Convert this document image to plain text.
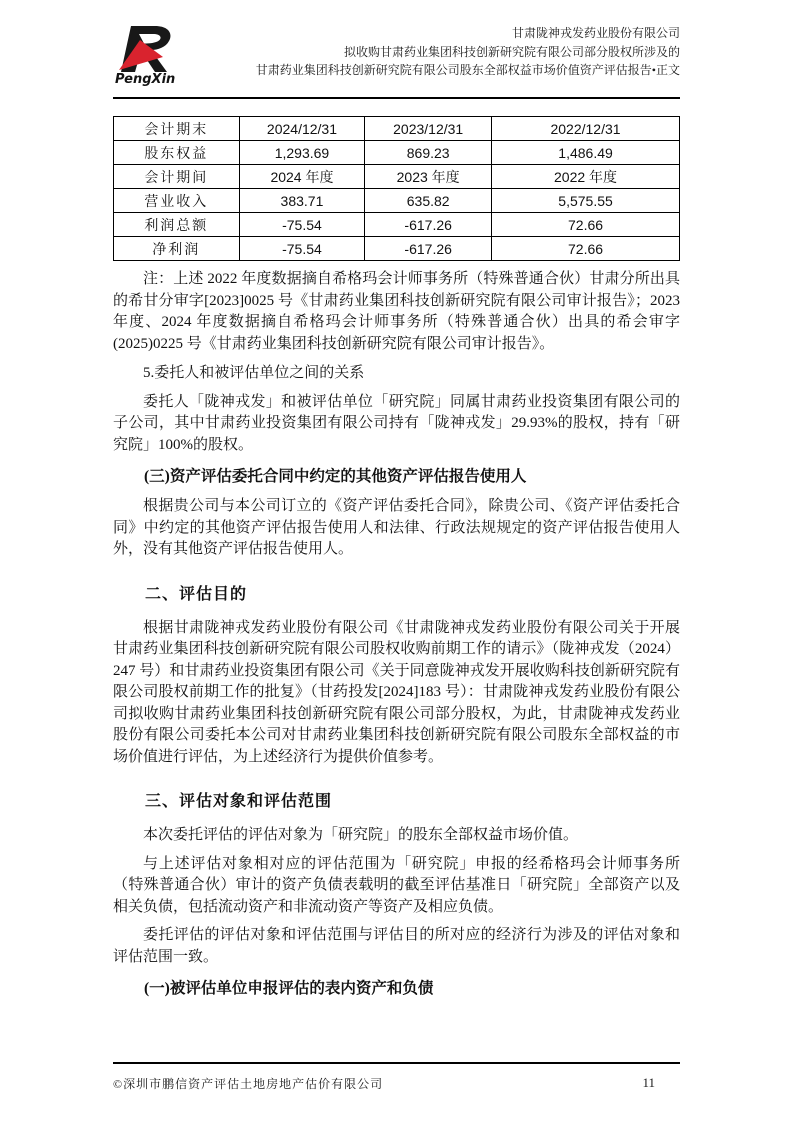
PengXin
甘肃陇神戎发药业股份有限公司
拟收购甘肃药业集团科技创新研究院有限公司部分股权所涉及的
甘肃药业集团科技创新研究院有限公司股东全部权益市场价值资产评估报告•正文
会计期末	2024/12/31	2023/12/31	2022/12/31
股东权益	1,293.69	869.23	1,486.49
会计期间	2024 年度	2023 年度	2022 年度
营业收入	383.71	635.82	5,575.55
利润总额	-75.54	-617.26	72.66
净利润	-75.54	-617.26	72.66

注：上述 2022 年度数据摘自希格玛会计师事务所（特殊普通合伙）甘肃分所出具的希甘分审字[2023]0025 号《甘肃药业集团科技创新研究院有限公司审计报告》；2023 年度、2024 年度数据摘自希格玛会计师事务所（特殊普通合伙）出具的希会审字(2025)0225 号《甘肃药业集团科技创新研究院有限公司审计报告》。

5.委托人和被评估单位之间的关系

委托人「陇神戎发」和被评估单位「研究院」同属甘肃药业投资集团有限公司的子公司，其中甘肃药业投资集团有限公司持有「陇神戎发」29.93%的股权，持有「研究院」100%的股权。

(三)资产评估委托合同中约定的其他资产评估报告使用人

根据贵公司与本公司订立的《资产评估委托合同》，除贵公司、《资产评估委托合同》中约定的其他资产评估报告使用人和法律、行政法规规定的资产评估报告使用人外，没有其他资产评估报告使用人。

二、评估目的

根据甘肃陇神戎发药业股份有限公司《甘肃陇神戎发药业股份有限公司关于开展甘肃药业集团科技创新研究院有限公司股权收购前期工作的请示》（陇神戎发（2024）247 号）和甘肃药业投资集团有限公司《关于同意陇神戎发开展收购科技创新研究院有限公司股权前期工作的批复》（甘药投发[2024]183 号）：甘肃陇神戎发药业股份有限公司拟收购甘肃药业集团科技创新研究院有限公司部分股权，为此，甘肃陇神戎发药业股份有限公司委托本公司对甘肃药业集团科技创新研究院有限公司股东全部权益的市场价值进行评估，为上述经济行为提供价值参考。

三、评估对象和评估范围

本次委托评估的评估对象为「研究院」的股东全部权益市场价值。

与上述评估对象相对应的评估范围为「研究院」申报的经希格玛会计师事务所（特殊普通合伙）审计的资产负债表载明的截至评估基准日「研究院」全部资产以及相关负债，包括流动资产和非流动资产等资产及相应负债。

委托评估的评估对象和评估范围与评估目的所对应的经济行为涉及的评估对象和评估范围一致。

(一)被评估单位申报评估的表内资产和负债

©深圳市鹏信资产评估土地房地产估价有限公司	11
